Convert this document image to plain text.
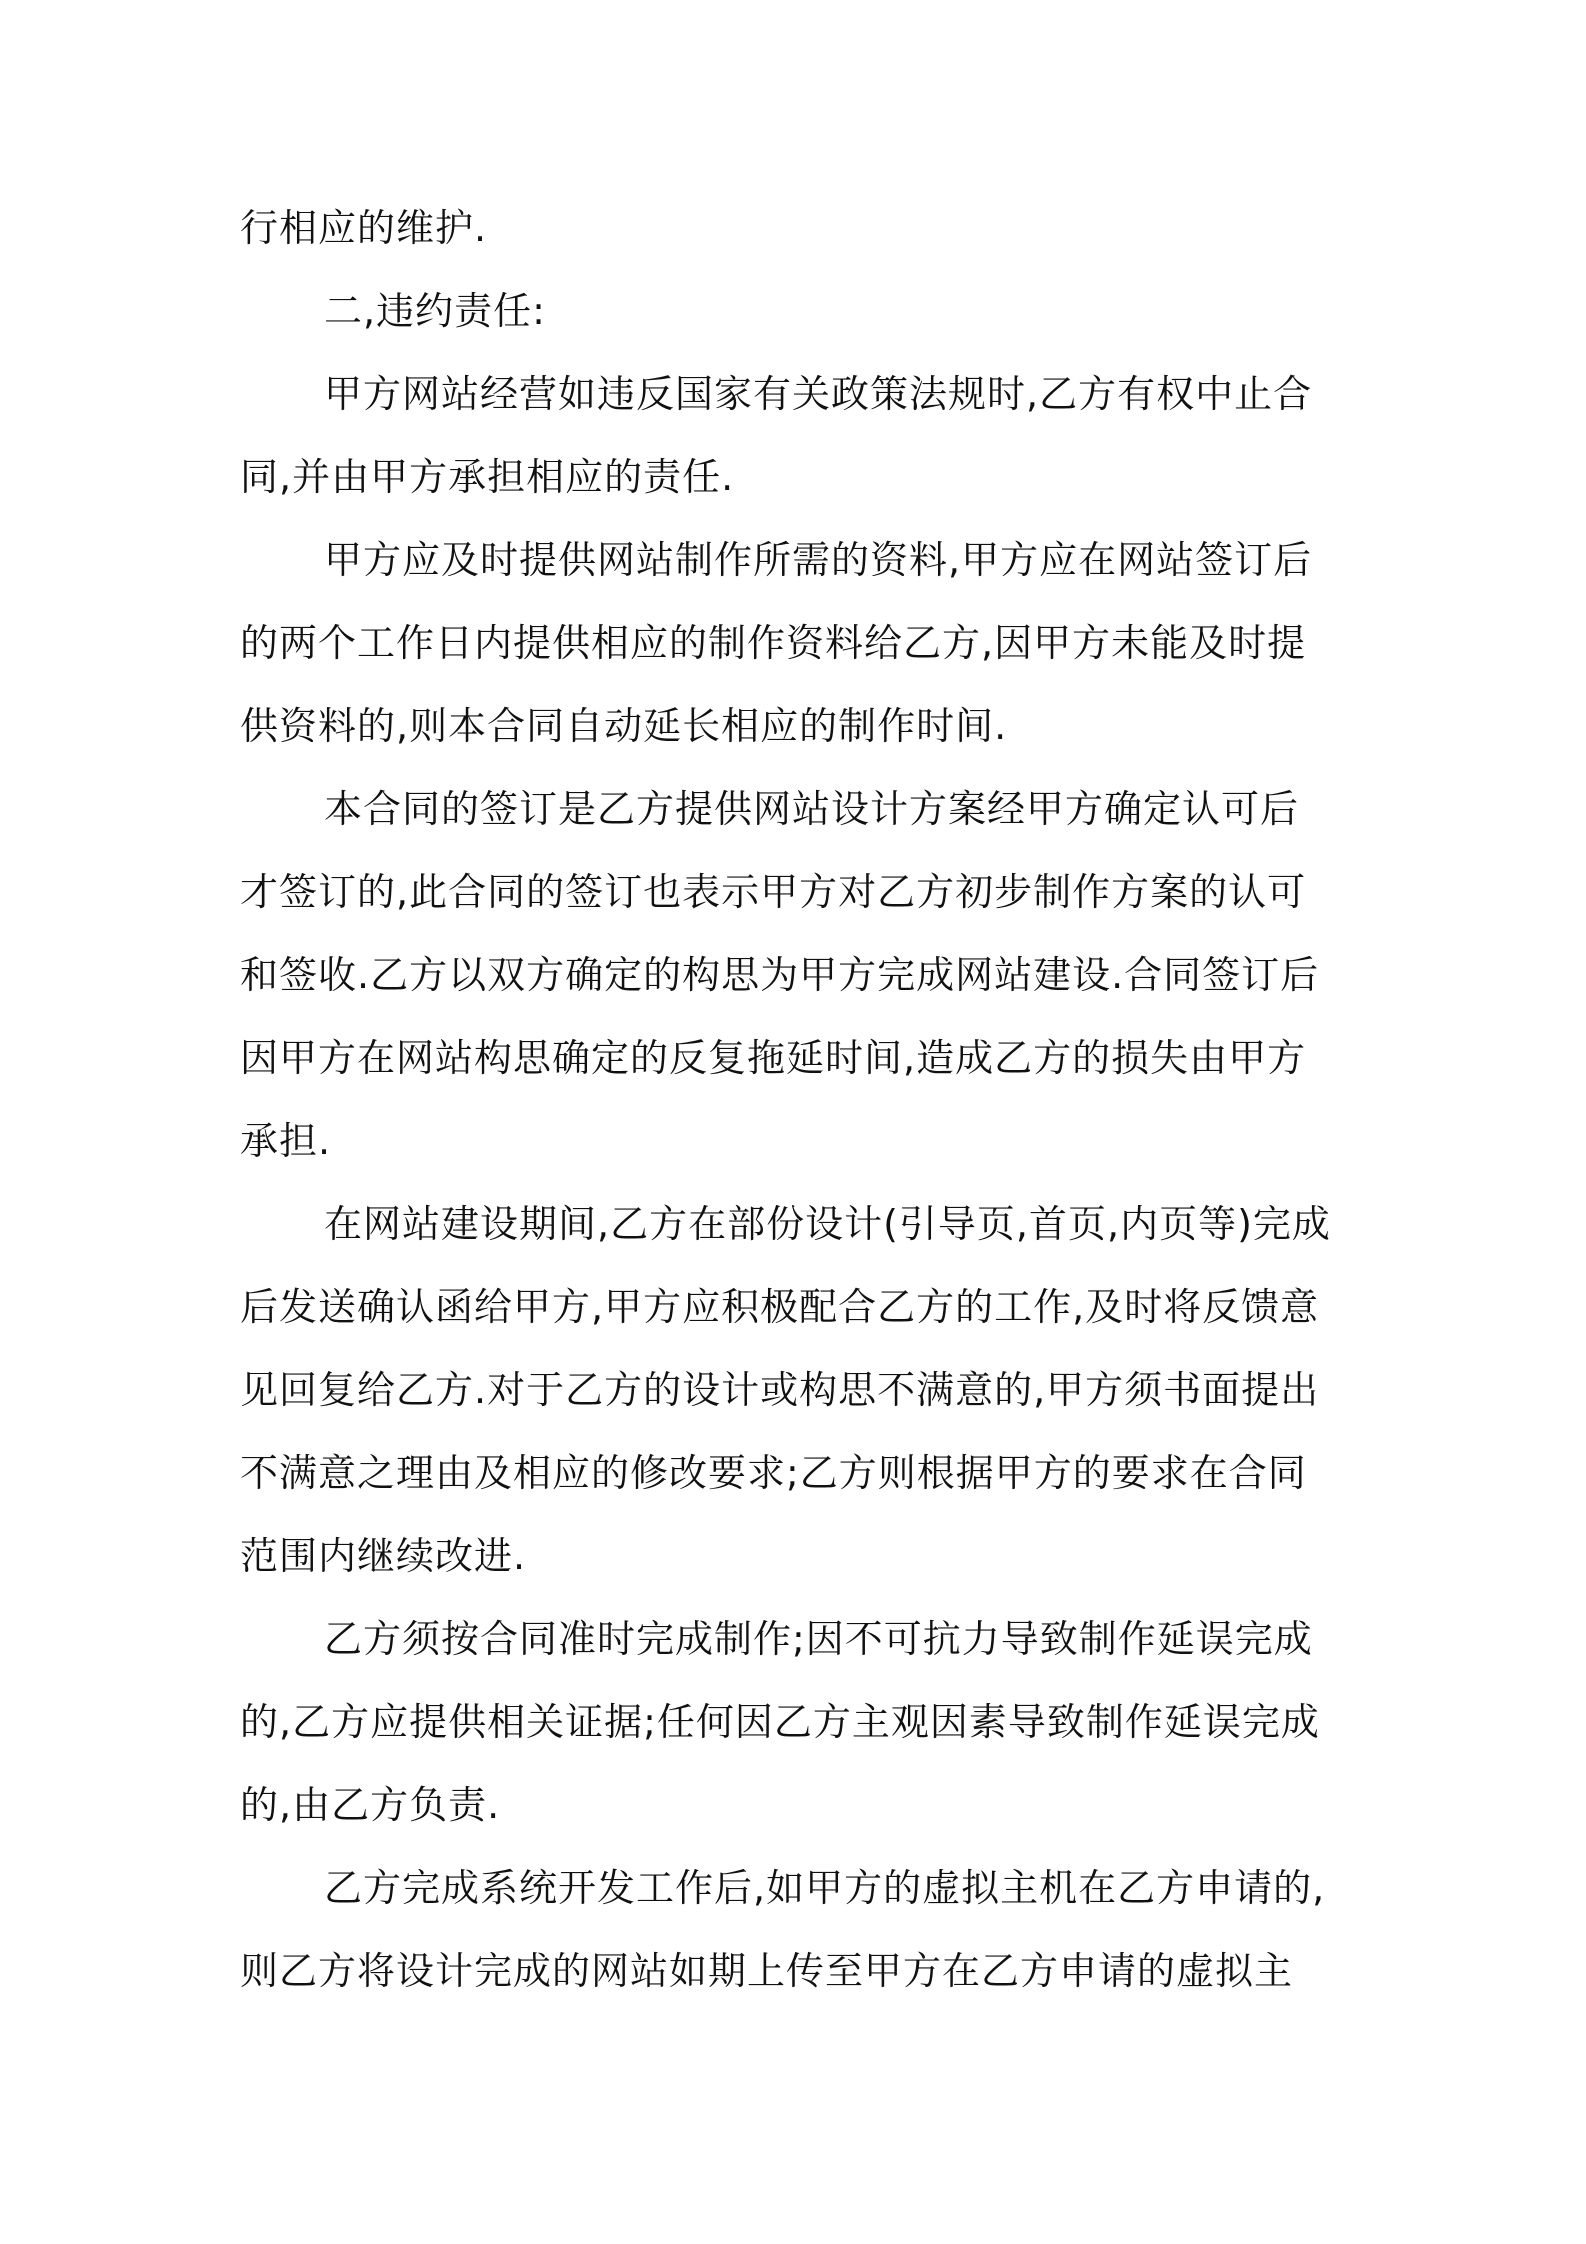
行相应的维护.

二,违约责任:

甲方网站经营如违反国家有关政策法规时,乙方有权中止合
同,并由甲方承担相应的责任.

甲方应及时提供网站制作所需的资料,甲方应在网站签订后
的两个工作日内提供相应的制作资料给乙方,因甲方未能及时提
供资料的,则本合同自动延长相应的制作时间.

本合同的签订是乙方提供网站设计方案经甲方确定认可后
才签订的,此合同的签订也表示甲方对乙方初步制作方案的认可
和签收.乙方以双方确定的构思为甲方完成网站建设.合同签订后
因甲方在网站构思确定的反复拖延时间,造成乙方的损失由甲方
承担.

在网站建设期间,乙方在部份设计(引导页,首页,内页等)完成
后发送确认函给甲方,甲方应积极配合乙方的工作,及时将反馈意
见回复给乙方.对于乙方的设计或构思不满意的,甲方须书面提出
不满意之理由及相应的修改要求;乙方则根据甲方的要求在合同
范围内继续改进.

乙方须按合同准时完成制作;因不可抗力导致制作延误完成
的,乙方应提供相关证据;任何因乙方主观因素导致制作延误完成
的,由乙方负责.

乙方完成系统开发工作后,如甲方的虚拟主机在乙方申请的,
则乙方将设计完成的网站如期上传至甲方在乙方申请的虚拟主
